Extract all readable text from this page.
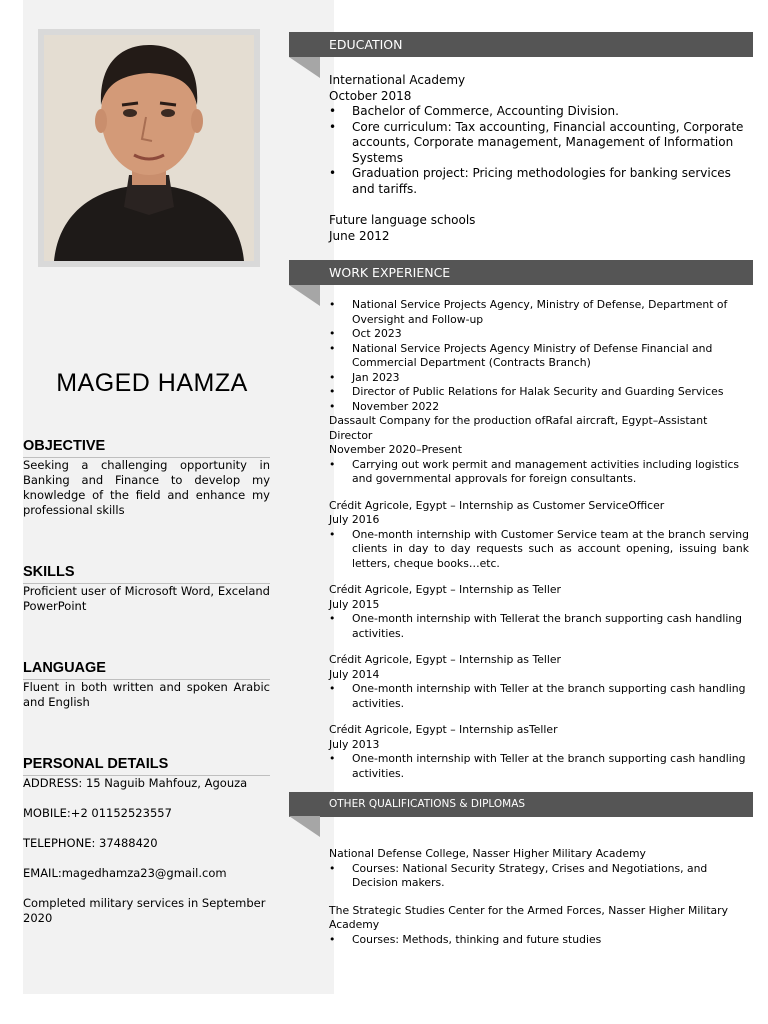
MAGED HAMZA
OBJECTIVE

Seeking a challenging opportunity in Banking and Finance to develop my knowledge of the field and enhance my professional skills

SKILLS

Proficient user of Microsoft Word, Exceland PowerPoint

LANGUAGE

Fluent in both written and spoken Arabic and English

PERSONAL DETAILS

ADDRESS: 15 Naguib Mahfouz, Agouza

MOBILE:+2 01152523557

TELEPHONE: 37488420

EMAIL:magedhamza23@gmail.com

Completed military services in September 2020

EDUCATION
International Academy
October 2018
• Bachelor of Commerce, Accounting Division.
• Core curriculum: Tax accounting, Financial accounting, Corporate accounts, Corporate management, Management of Information Systems
• Graduation project: Pricing methodologies for banking services and tariffs.
Future language schools
June 2012
WORK EXPERIENCE
• National Service Projects Agency, Ministry of Defense, Department of Oversight and Follow-up
• Oct 2023
• National Service Projects Agency Ministry of Defense Financial and Commercial Department (Contracts Branch)
• Jan 2023
• Director of Public Relations for Halak Security and Guarding Services
• November 2022
Dassault Company for the production ofRafal aircraft, Egypt–Assistant Director
November 2020–Present
• Carrying out work permit and management activities including logistics and governmental approvals for foreign consultants.
Crédit Agricole, Egypt – Internship as Customer ServiceOfficer
July 2016
• One-month internship with Customer Service team at the branch serving clients in day to day requests such as account opening, issuing bank letters, cheque books…etc.
Crédit Agricole, Egypt – Internship as Teller
July 2015
• One-month internship with Tellerat the branch supporting cash handling activities.
Crédit Agricole, Egypt – Internship as Teller
July 2014
• One-month internship with Teller at the branch supporting cash handling activities.
Crédit Agricole, Egypt – Internship asTeller
July 2013
• One-month internship with Teller at the branch supporting cash handling activities.
OTHER QUALIFICATIONS & DIPLOMAS
National Defense College, Nasser Higher Military Academy
• Courses: National Security Strategy, Crises and Negotiations, and Decision makers.
The Strategic Studies Center for the Armed Forces, Nasser Higher Military Academy
• Courses: Methods, thinking and future studies
